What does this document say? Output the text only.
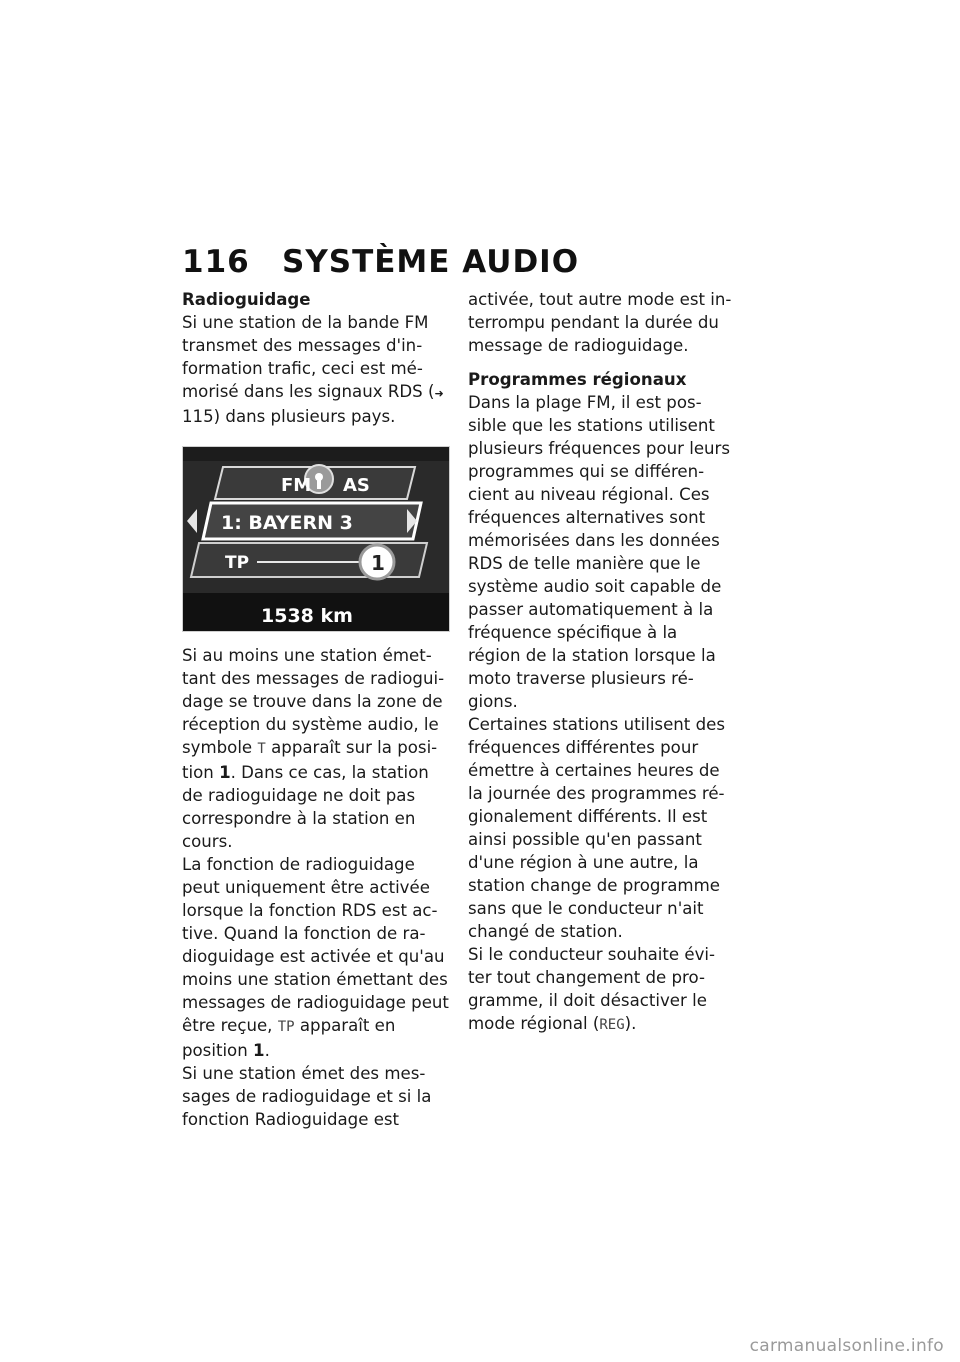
116 SYSTÈME AUDIO

Radioguidage

Si une station de la bande FM transmet des messages d'in- formation trafic, ceci est mé- morisé dans les signaux RDS (➜ 115) dans plusieurs pays.

FM AS
1: BAYERN 3
TP	1
1538 km

Si au moins une station émet- tant des messages de radiogui- dage se trouve dans la zone de réception du système audio, le symbole T apparaît sur la posi- tion 1. Dans ce cas, la station de radioguidage ne doit pas correspondre à la station en cours.

La fonction de radioguidage peut uniquement être activée lorsque la fonction RDS est ac- tive. Quand la fonction de ra- dioguidage est activée et qu'au moins une station émettant des messages de radioguidage peut être reçue, TP apparaît en position 1.

Si une station émet des mes- sages de radioguidage et si la fonction Radioguidage est

activée, tout autre mode est in- terrompu pendant la durée du message de radioguidage.

Programmes régionaux

Dans la plage FM, il est pos- sible que les stations utilisent plusieurs fréquences pour leurs programmes qui se différen- cient au niveau régional. Ces fréquences alternatives sont mémorisées dans les données RDS de telle manière que le système audio soit capable de passer automatiquement à la fréquence spécifique à la région de la station lorsque la moto traverse plusieurs ré- gions.

Certaines stations utilisent des fréquences différentes pour émettre à certaines heures de la journée des programmes ré- gionalement différents. Il est ainsi possible qu'en passant d'une région à une autre, la station change de programme sans que le conducteur n'ait changé de station.

Si le conducteur souhaite évi- ter tout changement de pro- gramme, il doit désactiver le mode régional (REG).

carmanualsonline.info
